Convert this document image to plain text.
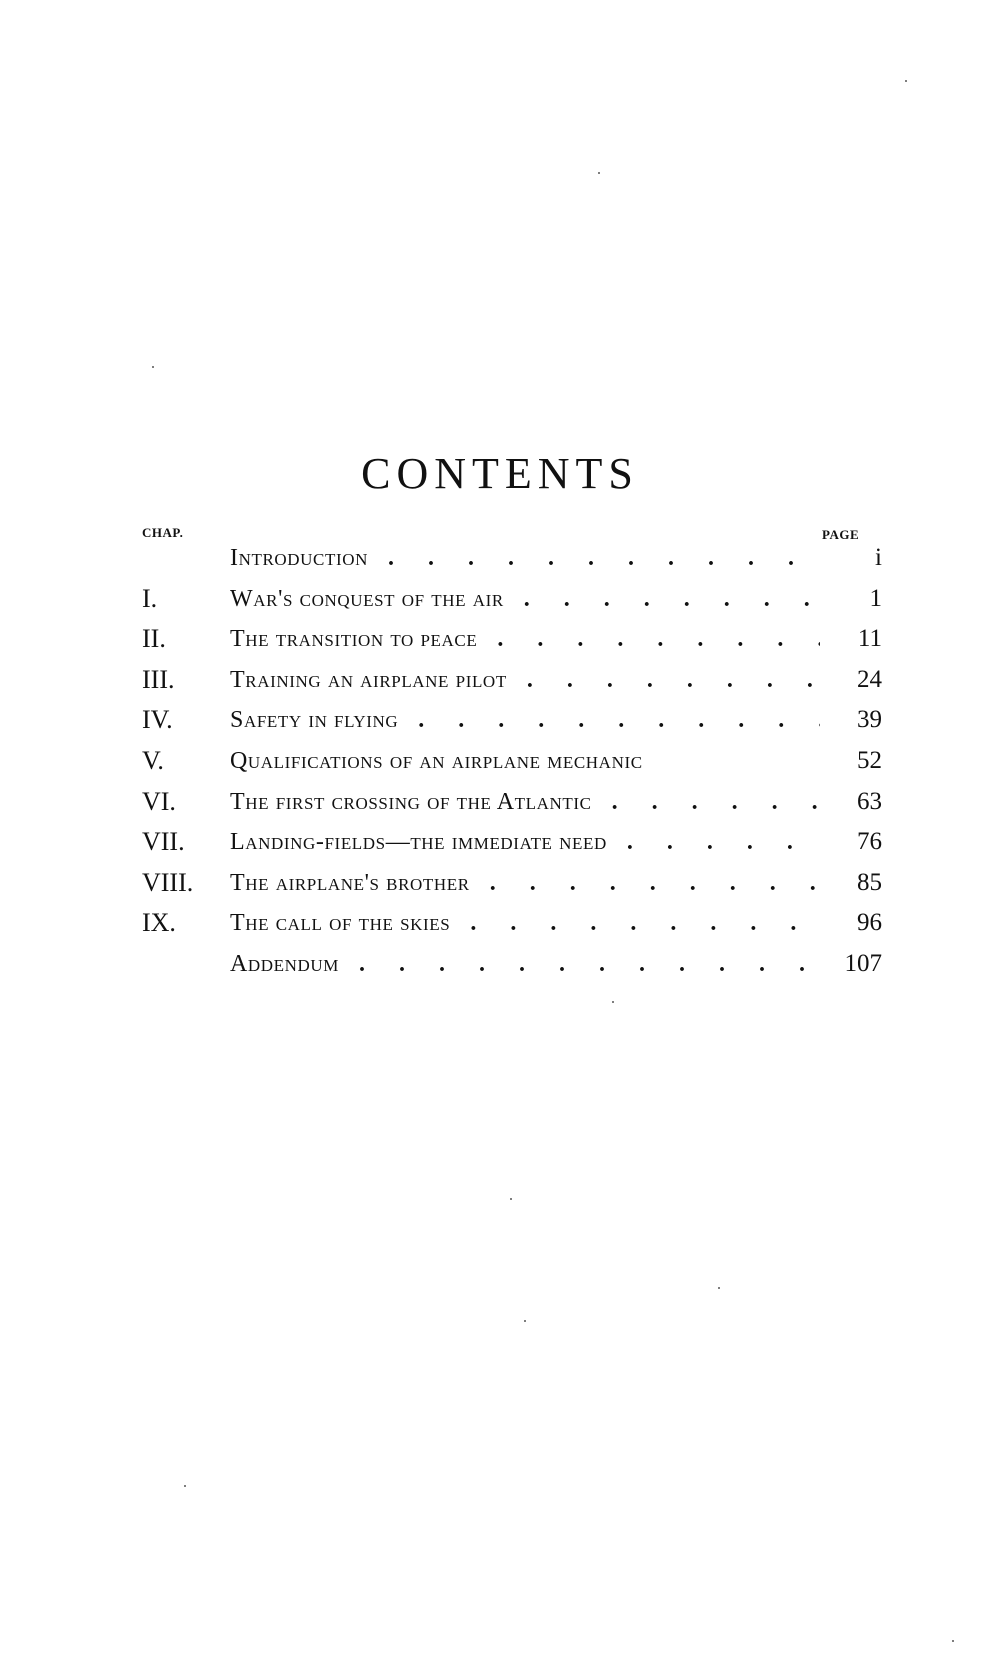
CONTENTS
CHAP.	PAGE
Introduction . . .	i
I.	War's conquest of the air . . .	1
II.	The transition to peace . . .	11
III. Training an airplane pilot . . .	24
IV. Safety in flying . . .	39
V.	Qualifications of an airplane mechanic	52
VI. The first crossing of the Atlantic . . .	63
VII. Landing-fields—the immediate need . . .	76
VIII. The airplane's brother . . .	85
IX. The call of the skies . . .	96
Addendum . . .	107
